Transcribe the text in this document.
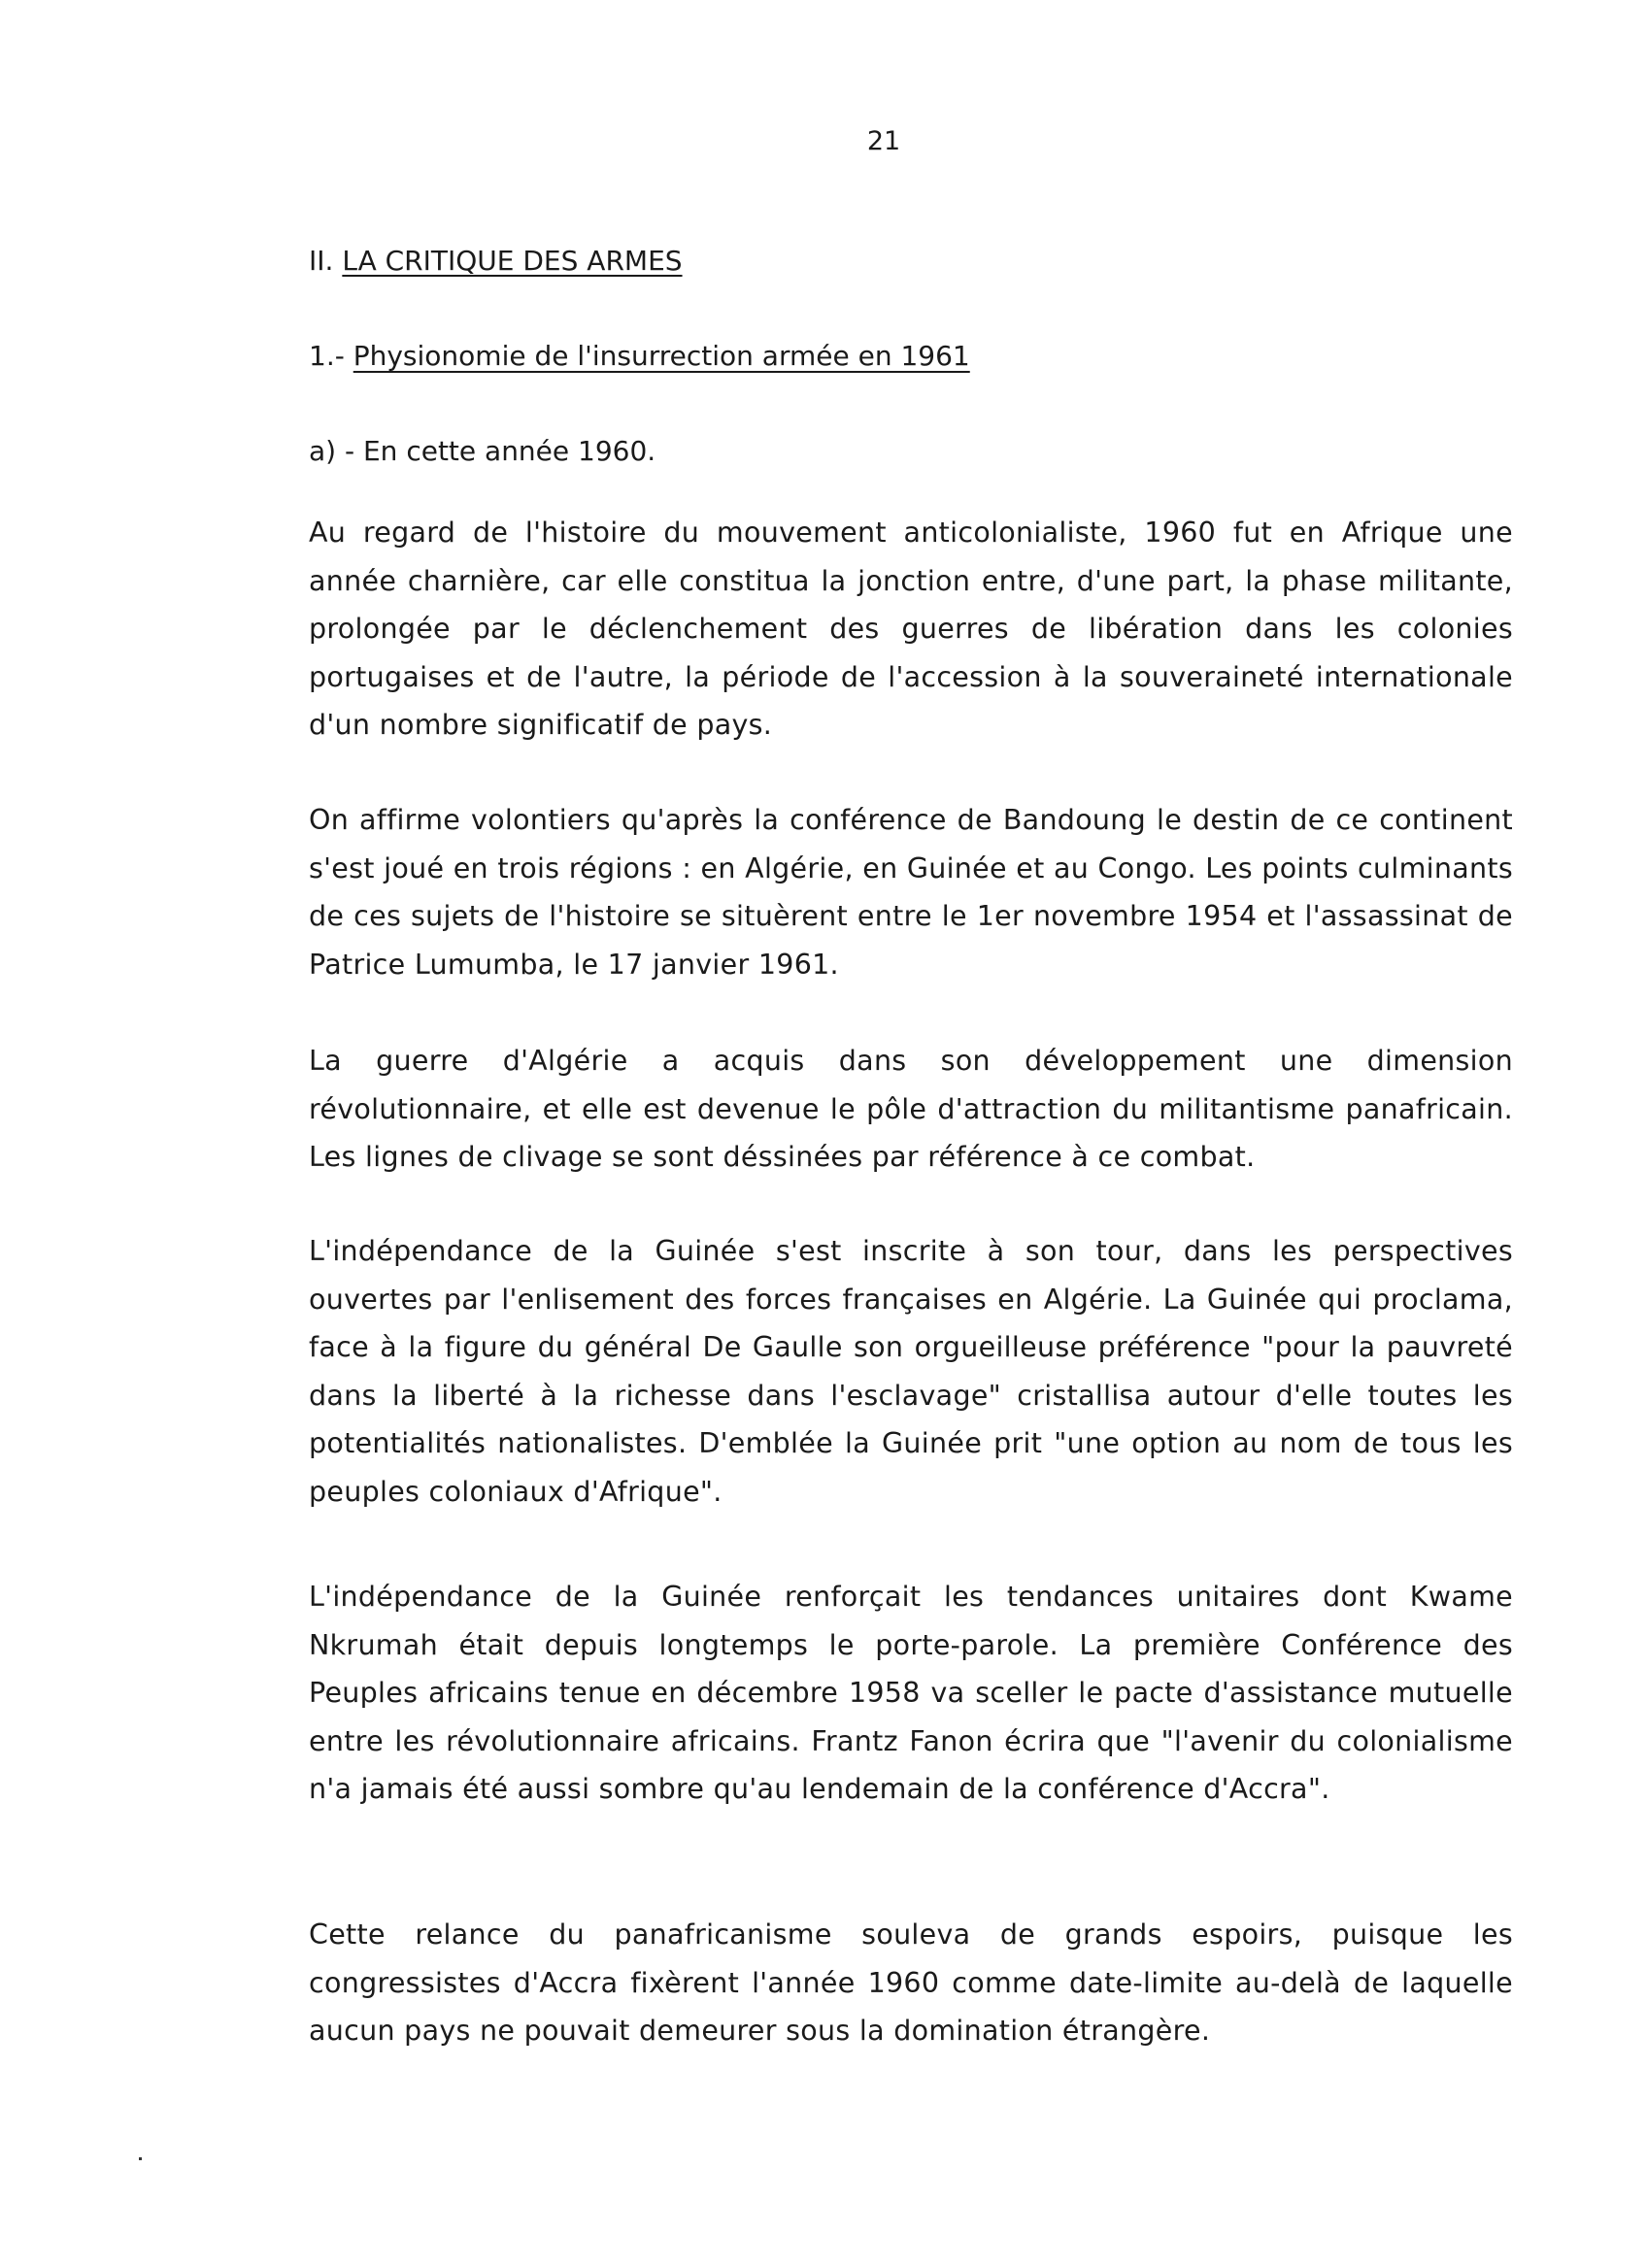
21
II. LA CRITIQUE DES ARMES
1.- Physionomie de l'insurrection armée en 1961
a) - En cette année 1960.

Au regard de l'histoire du mouvement anticolonialiste, 1960 fut en Afrique une année charnière, car elle constitua la jonction entre, d'une part, la phase militante, prolongée par le déclenchement des guerres de libération dans les colonies portugaises et de l'autre, la période de l'accession à la souveraineté internationale d'un nombre significatif de pays.

On affirme volontiers qu'après la conférence de Bandoung le destin de ce continent s'est joué en trois régions : en Algérie, en Guinée et au Congo. Les points culminants de ces sujets de l'histoire se situèrent entre le 1er novembre 1954 et l'assassinat de Patrice Lumumba, le 17 janvier 1961.

La guerre d'Algérie a acquis dans son développement une dimension révolutionnaire, et elle est devenue le pôle d'attraction du militantisme panafricain. Les lignes de clivage se sont déssinées par référence à ce combat.

L'indépendance de la Guinée s'est inscrite à son tour, dans les perspectives ouvertes par l'enlisement des forces françaises en Algérie. La Guinée qui proclama, face à la figure du général De Gaulle son orgueilleuse préférence "pour la pauvreté dans la liberté à la richesse dans l'esclavage" cristallisa autour d'elle toutes les potentialités nationalistes. D'emblée la Guinée prit "une option au nom de tous les peuples coloniaux d'Afrique".

L'indépendance de la Guinée renforçait les tendances unitaires dont Kwame Nkrumah était depuis longtemps le porte-parole. La première Conférence des Peuples africains tenue en décembre 1958 va sceller le pacte d'assistance mutuelle entre les révolutionnaire africains. Frantz Fanon écrira que "l'avenir du colonialisme n'a jamais été aussi sombre qu'au lendemain de la conférence d'Accra".

Cette relance du panafricanisme souleva de grands espoirs, puisque les congressistes d'Accra fixèrent l'année 1960 comme date-limite au-delà de laquelle aucun pays ne pouvait demeurer sous la domination étrangère.
